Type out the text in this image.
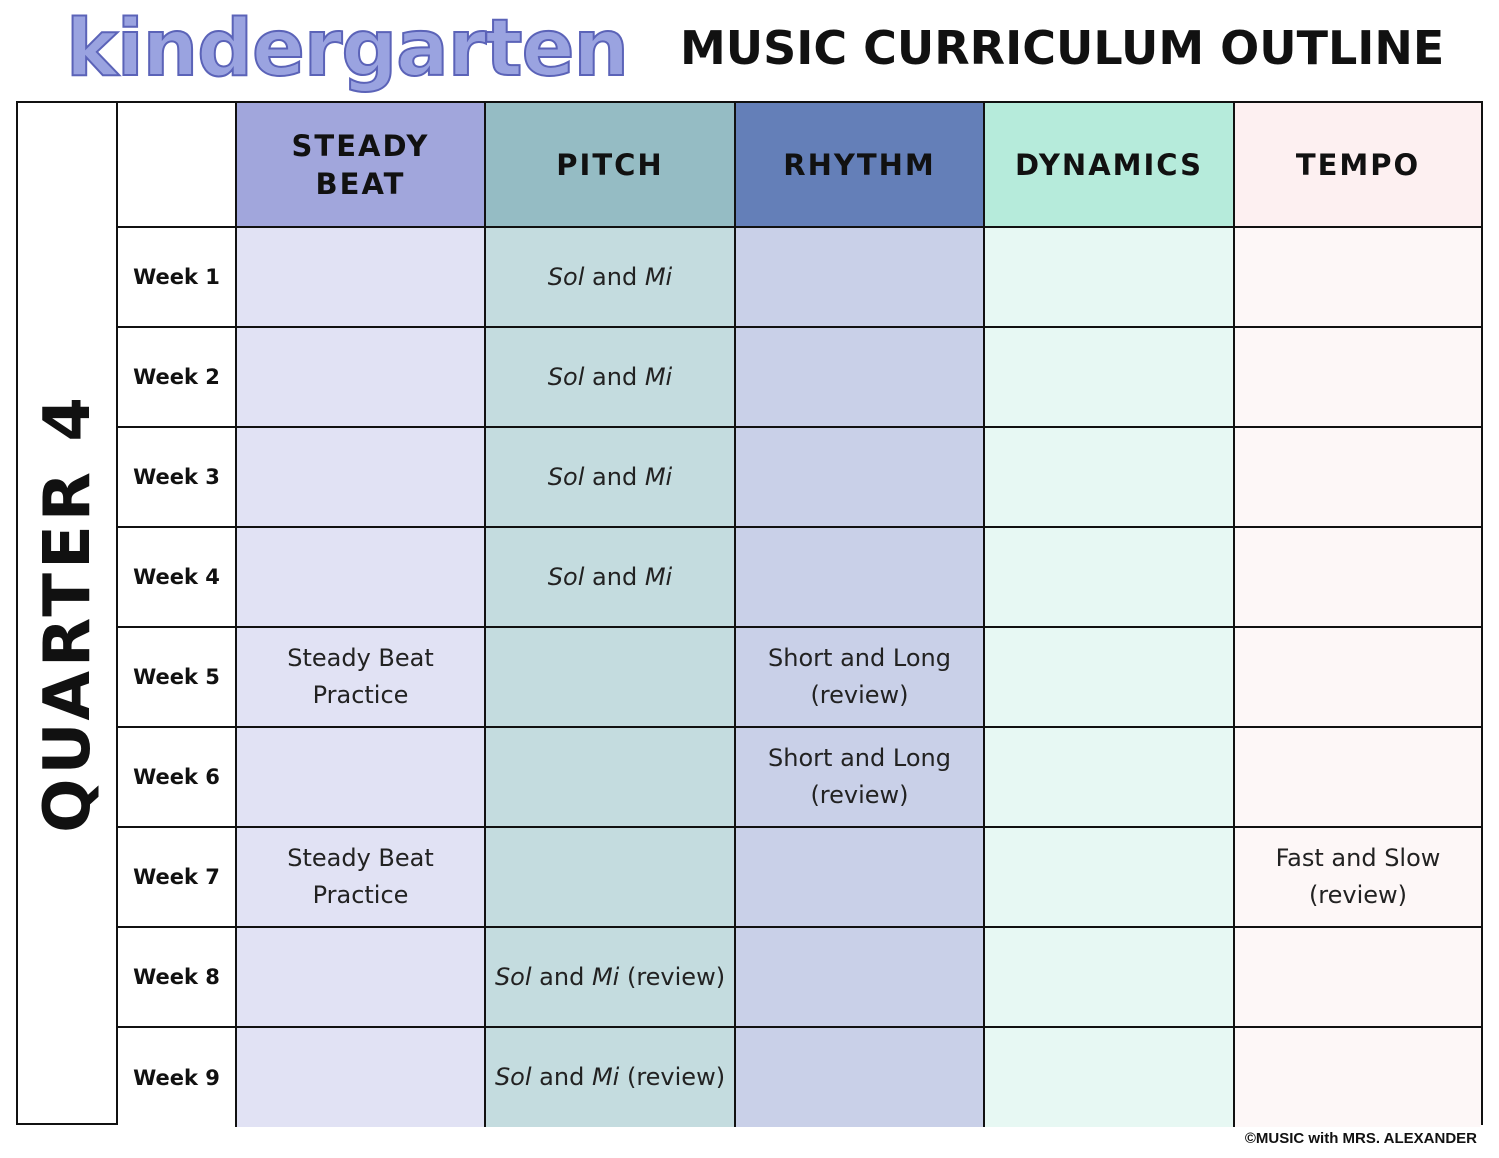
kindergarten MUSIC CURRICULUM OUTLINE
QUARTER 4
	STEADY BEAT	PITCH	RHYTHM	DYNAMICS	TEMPO
Week 1		Sol and Mi			
Week 2		Sol and Mi			
Week 3		Sol and Mi			
Week 4		Sol and Mi			
Week 5	Steady Beat Practice		Short and Long (review)		
Week 6			Short and Long (review)		
Week 7	Steady Beat Practice				Fast and Slow (review)
Week 8		Sol and Mi (review)			
Week 9		Sol and Mi (review)			
©MUSIC with MRS. ALEXANDER
